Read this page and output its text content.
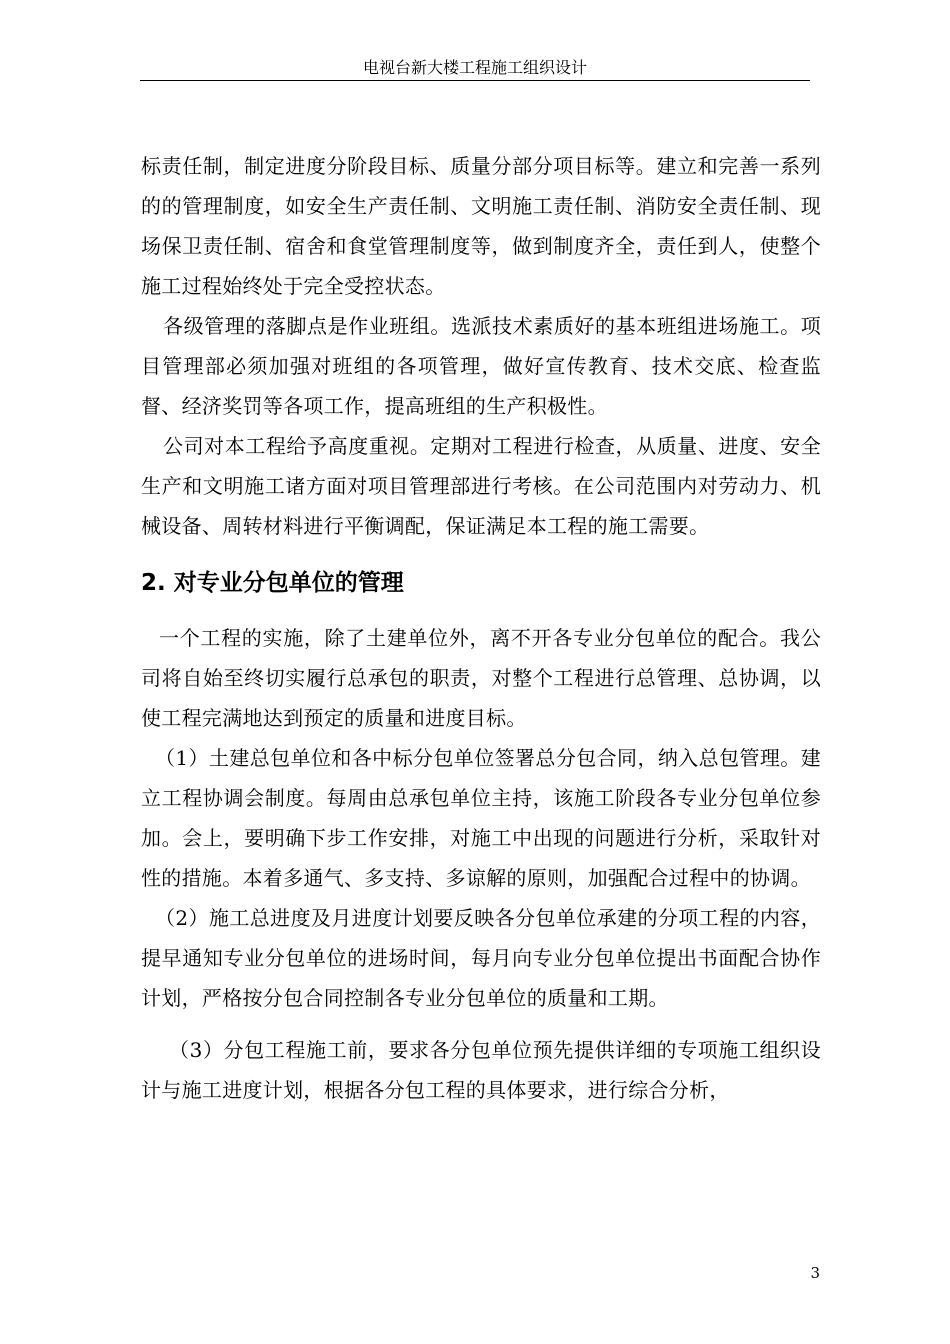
电视台新大楼工程施工组织设计

标责任制，制定进度分阶段目标、质量分部分项目标等。建立和完善一系列的的管理制度，如安全生产责任制、文明施工责任制、消防安全责任制、现场保卫责任制、宿舍和食堂管理制度等，做到制度齐全，责任到人，使整个施工过程始终处于完全受控状态。

各级管理的落脚点是作业班组。选派技术素质好的基本班组进场施工。项目管理部必须加强对班组的各项管理，做好宣传教育、技术交底、检查监督、经济奖罚等各项工作，提高班组的生产积极性。

公司对本工程给予高度重视。定期对工程进行检查，从质量、进度、安全生产和文明施工诸方面对项目管理部进行考核。在公司范围内对劳动力、机械设备、周转材料进行平衡调配，保证满足本工程的施工需要。

2. 对专业分包单位的管理

一个工程的实施，除了土建单位外，离不开各专业分包单位的配合。我公司将自始至终切实履行总承包的职责，对整个工程进行总管理、总协调，以使工程完满地达到预定的质量和进度目标。

（1）土建总包单位和各中标分包单位签署总分包合同，纳入总包管理。建立工程协调会制度。每周由总承包单位主持，该施工阶段各专业分包单位参加。会上，要明确下步工作安排，对施工中出现的问题进行分析，采取针对性的措施。本着多通气、多支持、多谅解的原则，加强配合过程中的协调。

（2）施工总进度及月进度计划要反映各分包单位承建的分项工程的内容，提早通知专业分包单位的进场时间，每月向专业分包单位提出书面配合协作计划，严格按分包合同控制各专业分包单位的质量和工期。

（3）分包工程施工前，要求各分包单位预先提供详细的专项施工组织设计与施工进度计划，根据各分包工程的具体要求，进行综合分析，

3
